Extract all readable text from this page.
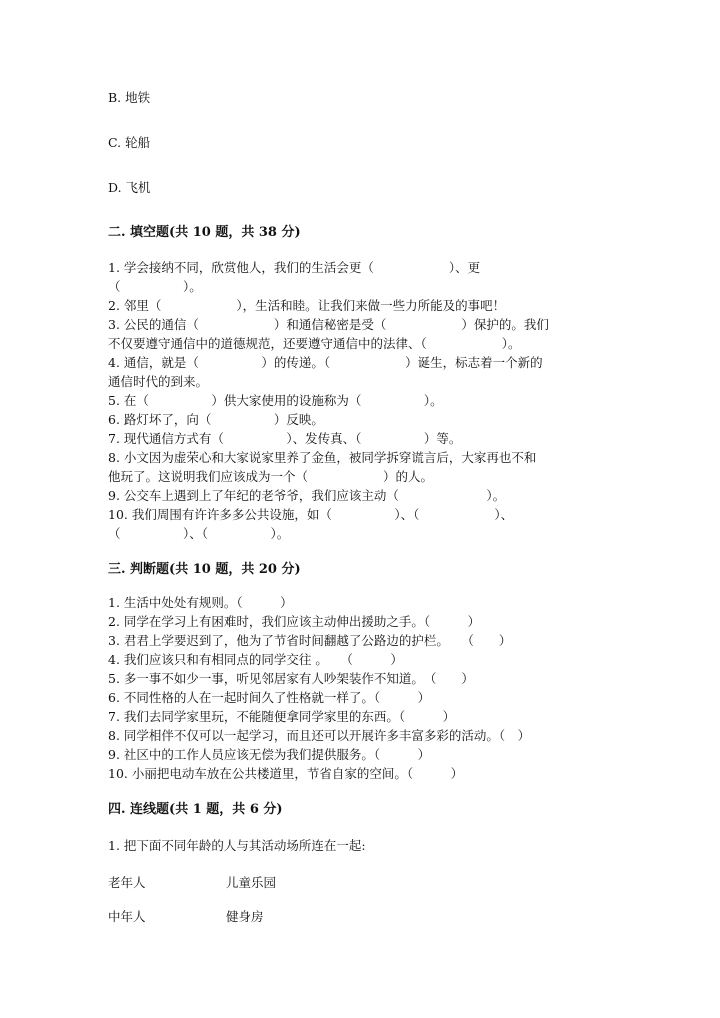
B. 地铁
C. 轮船
D. 飞机
二. 填空题(共 10 题，共 38 分)
1. 学会接纳不同，欣赏他人，我们的生活会更（　　　　　　）、更
（　　　　　）。
2. 邻里（　　　　　　），生活和睦。让我们来做一些力所能及的事吧！
3. 公民的通信（　　　　　　）和通信秘密是受（　　　　　　）保护的。我们
不仅要遵守通信中的道德规范，还要遵守通信中的法律、（　　　　　　）。
4. 通信，就是（　　　　　）的传递。（　　　　　　）诞生，标志着一个新的
通信时代的到来。
5. 在（　　　　　）供大家使用的设施称为（　　　　　）。
6. 路灯坏了，向（　　　　　）反映。
7. 现代通信方式有（　　　　　）、发传真、（　　　　　）等。
8. 小文因为虚荣心和大家说家里养了金鱼，被同学拆穿谎言后，大家再也不和
他玩了。这说明我们应该成为一个（　　　　　　）的人。
9. 公交车上遇到上了年纪的老爷爷，我们应该主动（　　　　　　　）。
10. 我们周围有许许多多公共设施，如（　　　　　）、（　　　　　　）、
（　　　　　）、（　　　　　）。
三. 判断题(共 10 题，共 20 分)
1. 生活中处处有规则。（　　　）
2. 同学在学习上有困难时，我们应该主动伸出援助之手。（　　　）
3. 君君上学要迟到了，他为了节省时间翻越了公路边的护栏。　　（　　）
4. 我们应该只和有相同点的同学交往 。　　（　　　）
5. 多一事不如少一事，听见邻居家有人吵架装作不知道。　（　　）
6. 不同性格的人在一起时间久了性格就一样了。（　　　）
7. 我们去同学家里玩，不能随便拿同学家里的东西。（　　　）
8. 同学相伴不仅可以一起学习，而且还可以开展许多丰富多彩的活动。（　）
9. 社区中的工作人员应该无偿为我们提供服务。（　　　）
10. 小丽把电动车放在公共楼道里，节省自家的空间。（　　　）
四. 连线题(共 1 题，共 6 分)
1. 把下面不同年龄的人与其活动场所连在一起:
老年人	儿童乐园
中年人	健身房
